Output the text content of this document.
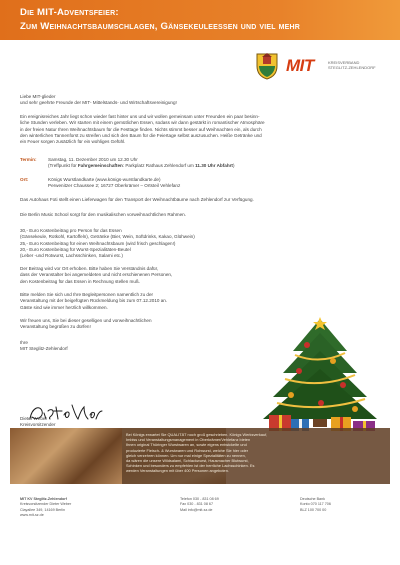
Die MIT-Adventsfeier:
Zum Weihnachtsbaumschlagen, Gänsekeuleessen und viel mehr
MIT	KREISVERBAND
STEGLITZ-ZEHLENDORF
Liebe MIT-glieder
und sehr geehrte Freunde der MIT- Mittelstands- und Wirtschaftsvereinigung!
Ein ereignisreiches Jahr liegt schon wieder fast hinter uns und wir wollen gemeinsam unter Freunden ein paar besinn-
liche Stunden verleben. Wir starten mit einem gemütlichen Essen, sodass wir dann gestärkt in romantischer Atmosphäre
in der freien Natur Ihren Weihnachtsbaum für die Festtage finden. Nichts stimmt besser auf Weihnachten ein, als durch
den winterlichen Tannenforst zu streifen und sich den Baum für die Feiertage selbst auszusuchen. Heiße Getränke und
ein Feuer sorgen zusätzlich für ein wohliges Gefühl.
Termin: Samstag, 11. Dezember 2010 um 12.30 Uhr
(Treffpunkt für Fahrgemeinschaften: Parkplatz Rathaus Zehlendorf um 11.30 Uhr Abfahrt)
Ort:	Königs Wurstlandkarte (www.königs-wurstlandkarte.de)
Perwenitzer Chaussee 2; 16727 Oberkrämer – Ortsteil Vehlefanz
Das Autohaus Foti stellt einen Lieferwagen für den Transport der Weihnachtbäume nach Zehlendorf zur Verfügung.
Die Berlin Music School sorgt für den musikalischen vorweihnachtlichen Rahmen.
30,- Euro Kostenbeitrag pro Person für das Essen
(Gänsekeule, Rotkohl, Kartoffeln), Getränke (Bier, Wein, Softdrinks, Kakao, Glühwein)
25,- Euro Kostenbeitrag für einen Weihnachtsbaum (wird frisch geschlagen!)
20,- Euro Kostenbeitrag für Wurst-Spezialitäten-Beutel
(Leber -und Rotwurst, Lachsschinken, Salami etc.)
Der Beitrag wird vor Ort erhoben. Bitte haben Sie Verständnis dafür,
dass der Veranstalter bei angemeldeten und nicht erschienenen Personen,
den Kostenbeitrag für das Essen in Rechnung stellen muß.
Bitte melden Sie sich und Ihre Begleitpersonen namentlich zu der
Veranstaltung mit der beigefügten Rückmeldung bis zum 07.12.2010 an.
Gäste sind wie immer herzlich willkommen.
Wir freuen uns, Sie bei dieser geselligen und vorweihnachtlichen
Veranstaltung begrüßen zu dürfen!
Ihre
MIT Steglitz-Zehlendorf
Dieter Weber
Kreisvorsitzender
Bei Königs erwartet Sie QUALITÄT noch groß geschrieben. Königs Werksverkauf,
Imbiss und Veranstaltungsmanagement in Oberkrämer/Vehlefanz bieten
Ihnen original Thüringer Wurstwaren an, sowie eigens entwickelte und
produzierte Fleisch- & Wurstwaren und Rohwurst, welche Sie hier oder
gleich verzehren können. Um nur mal einige Spezialitäten zu nennen,
da wären die unsere Wildsalami, Schlackwurst, Hausmacher Blutwurst,
Schinken und besonders zu empfehlen ist der herrliche Lachsschinken. Es
werden Veranstaltungen mit über 400 Personen angeboten.
MIT KV Steglitz-Zehlendorf
Kreisvorsitzender Dieter Weber
Clayallee 349, 14169 Berlin
www.mit-sz.de
Telefon 030 - 831 08 69
Fax 030 - 831 08 67
Mail info@mit-sz.de
Deutsche Bank
Konto 070 117 706
BLZ 100 700 00
